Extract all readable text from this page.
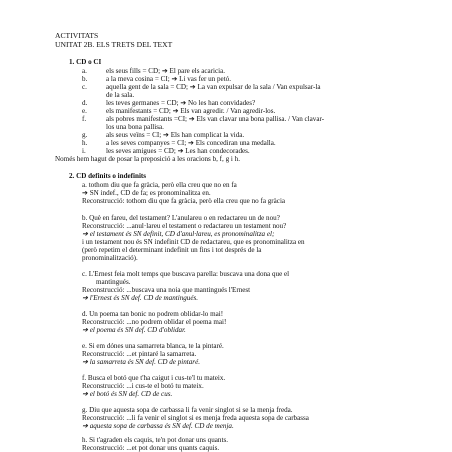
ACTIVITATS
UNITAT 2B. ELS TRETS DEL TEXT
1. CD o CI
a.	els seus fills = CD; ➔ El pare els acaricia.
b.	a la meva cosina = CI; ➔ Li vas fer un petó.
c.	aquella gent de la sala = CD; ➔ La van expulsar de la sala / Van expulsar-la
de la sala.
d.	les teves germanes = CD; ➔ No les han convidades?
e.	els manifestants = CD; ➔ Els van agredir. / Van agredir-los.
f.	als pobres manifestants =CI; ➔ Els van clavar una bona pallisa. / Van clavar-
los una bona pallisa.
g.	als seus veïns = CI; ➔ Els han complicat la vida.
h.	a les seves companyes = CI; ➔ Els concediran una medalla.
i.	les seves amigues = CD; ➔ Les han condecorades.
Només hem hagut de posar la preposició a les oracions b, f, g i h.
2. CD definits o indefinits
a. tothom diu que fa gràcia, però ella creu que no en fa
➔ SN indef., CD de fa; es pronominalitza en.
Reconstrucció: tothom diu que fa gràcia, però ella creu que no fa gràcia
b. Què en fareu, del testament? L'anulareu o en redactareu un de nou?
Reconstrucció: ...anul·lareu el testament o redactareu un testament nou?
➔ el testament és SN definit, CD d'anul·lareu, es pronominalitza el;
i un testament nou és SN indefinit CD de redactareu, que es pronominalitza en
(però repetim el determinant indefinit un fins i tot després de la
pronominalització).
c. L'Ernest feia molt temps que buscava parella: buscava una dona que el
mantingués.
Reconstrucció: ...buscava una noia que mantingués l'Ernest
➔ l'Ernest és SN def. CD de mantingués.
d. Un poema tan bonic no podrem oblidar-lo mai!
Reconstrucció: ...no podrem oblidar el poema mai!
➔ el poema és SN def. CD d'oblidar.
e. Si em dónes una samarreta blanca, te la pintaré.
Reconstrucció: ...et pintaré la samarreta.
➔ la samarreta és SN def. CD de pintaré.
f. Busca el botó que t'ha caigut i cus-te'l tu mateix.
Reconstrucció: ...i cus-te el botó tu mateix.
➔ el botó és SN def. CD de cus.
g. Diu que aquesta sopa de carbassa li fa venir singlot si se la menja freda.
Reconstrucció: ...li fa venir el singlot si es menja freda aquesta sopa de carbassa
➔ aquesta sopa de carbassa és SN def. CD de menja.
h. Si t'agraden els caquis, te'n pot donar uns quants.
Reconstrucció: ...et pot donar uns quants caquis.
